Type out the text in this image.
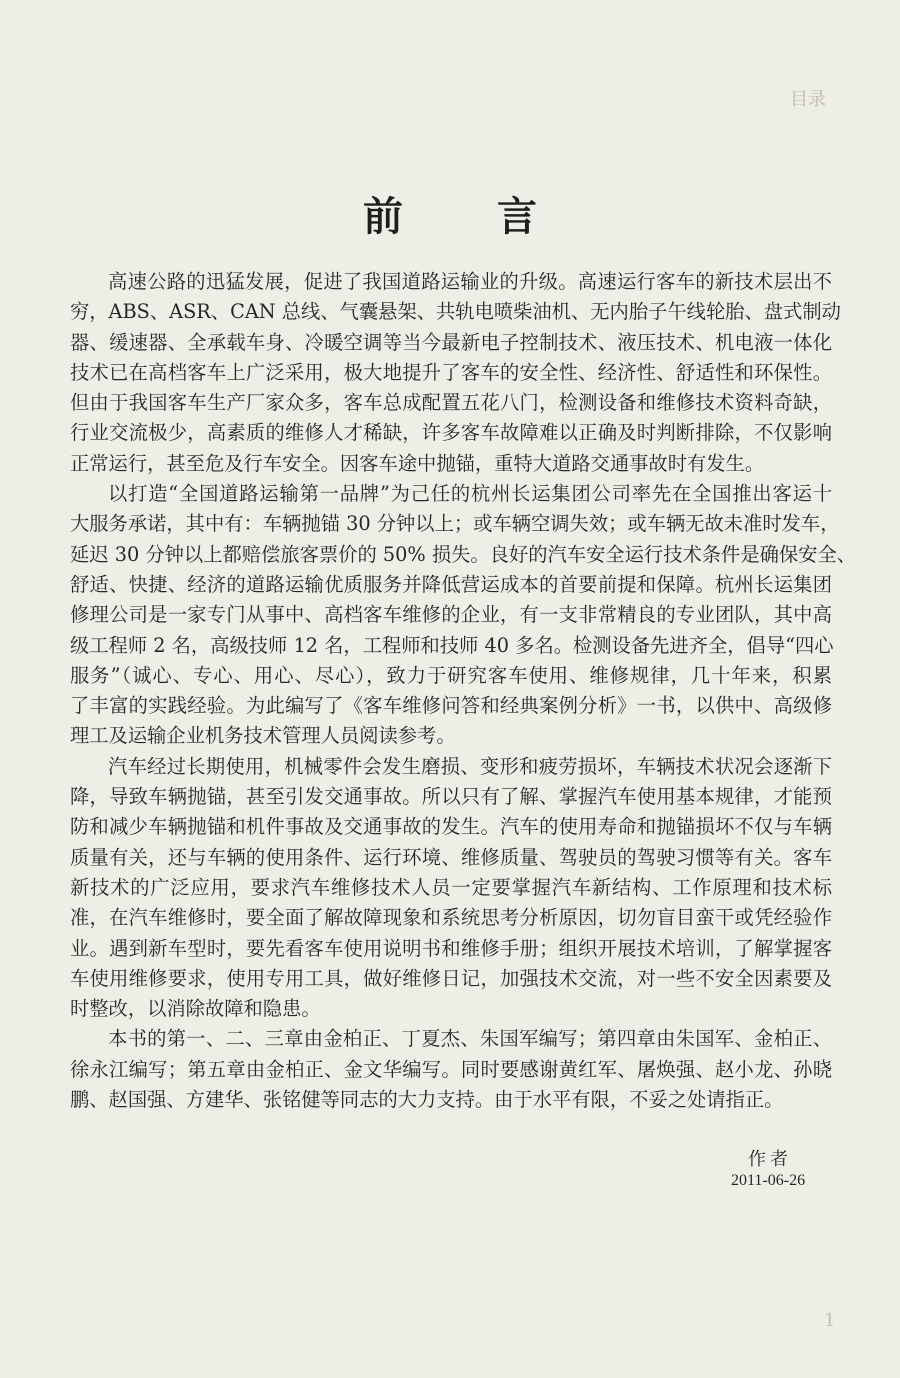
目录
前 言
高速公路的迅猛发展，促进了我国道路运输业的升级。高速运行客车的新技术层出不
穷，ABS、ASR、CAN 总线、气囊悬架、共轨电喷柴油机、无内胎子午线轮胎、盘式制动
器、缓速器、全承载车身、冷暖空调等当今最新电子控制技术、液压技术、机电液一体化
技术已在高档客车上广泛采用，极大地提升了客车的安全性、经济性、舒适性和环保性。
但由于我国客车生产厂家众多，客车总成配置五花八门，检测设备和维修技术资料奇缺，
行业交流极少，高素质的维修人才稀缺，许多客车故障难以正确及时判断排除，不仅影响
正常运行，甚至危及行车安全。因客车途中抛锚，重特大道路交通事故时有发生。
以打造“全国道路运输第一品牌”为己任的杭州长运集团公司率先在全国推出客运十
大服务承诺，其中有：车辆抛锚 30 分钟以上；或车辆空调失效；或车辆无故未准时发车，
延迟 30 分钟以上都赔偿旅客票价的 50% 损失。良好的汽车安全运行技术条件是确保安全、
舒适、快捷、经济的道路运输优质服务并降低营运成本的首要前提和保障。杭州长运集团
修理公司是一家专门从事中、高档客车维修的企业，有一支非常精良的专业团队，其中高
级工程师 2 名，高级技师 12 名，工程师和技师 40 多名。检测设备先进齐全，倡导“四心
服务”（诚心、专心、用心、尽心），致力于研究客车使用、维修规律，几十年来，积累
了丰富的实践经验。为此编写了《客车维修问答和经典案例分析》一书，以供中、高级修
理工及运输企业机务技术管理人员阅读参考。
汽车经过长期使用，机械零件会发生磨损、变形和疲劳损坏，车辆技术状况会逐渐下
降，导致车辆抛锚，甚至引发交通事故。所以只有了解、掌握汽车使用基本规律，才能预
防和减少车辆抛锚和机件事故及交通事故的发生。汽车的使用寿命和抛锚损坏不仅与车辆
质量有关，还与车辆的使用条件、运行环境、维修质量、驾驶员的驾驶习惯等有关。客车
新技术的广泛应用，要求汽车维修技术人员一定要掌握汽车新结构、工作原理和技术标
准，在汽车维修时，要全面了解故障现象和系统思考分析原因，切勿盲目蛮干或凭经验作
业。遇到新车型时，要先看客车使用说明书和维修手册；组织开展技术培训，了解掌握客
车使用维修要求，使用专用工具，做好维修日记，加强技术交流，对一些不安全因素要及
时整改，以消除故障和隐患。
本书的第一、二、三章由金柏正、丁夏杰、朱国军编写；第四章由朱国军、金柏正、
徐永江编写；第五章由金柏正、金文华编写。同时要感谢黄红军、屠焕强、赵小龙、孙晓
鹏、赵国强、方建华、张铭健等同志的大力支持。由于水平有限，不妥之处请指正。
作者
2011-06-26
1
